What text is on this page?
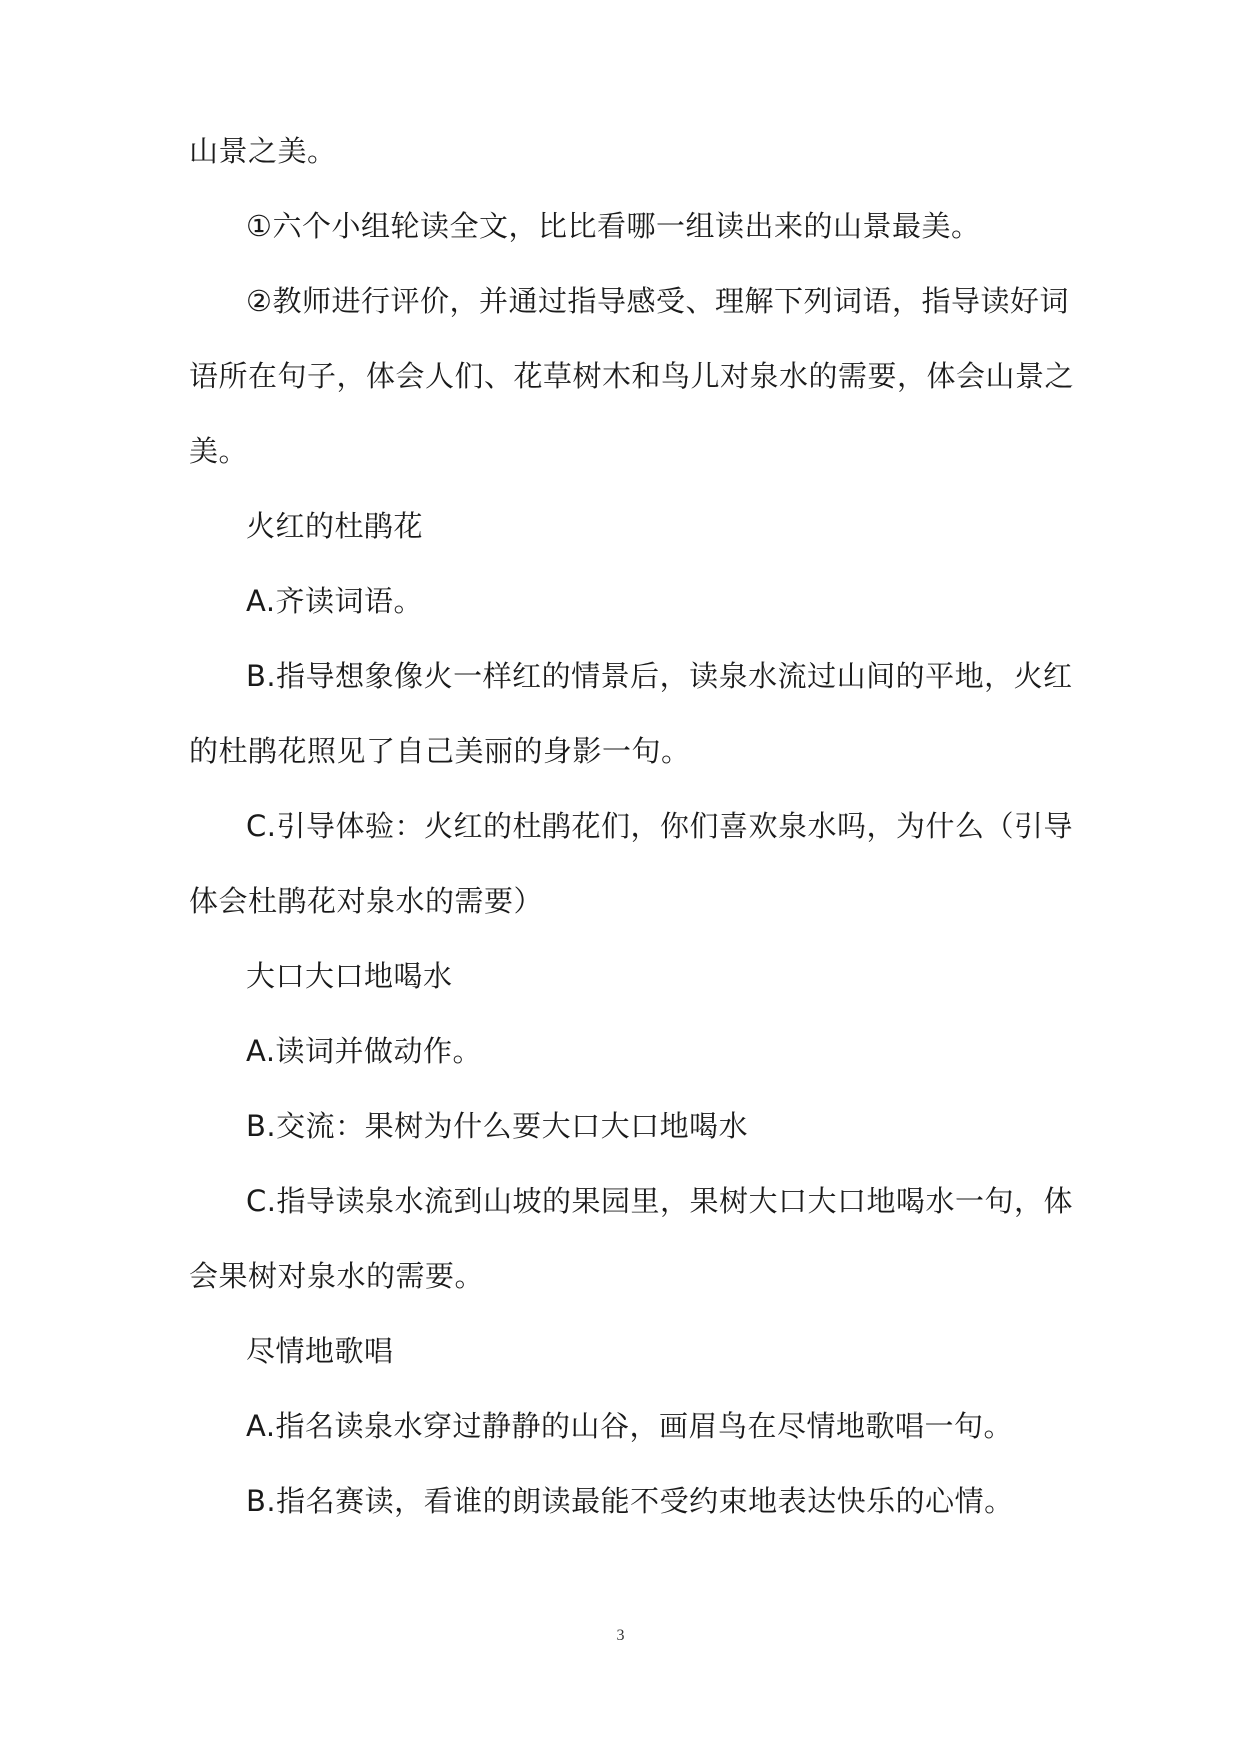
山景之美。
①六个小组轮读全文，比比看哪一组读出来的山景最美。
②教师进行评价，并通过指导感受、理解下列词语，指导读好词
语所在句子，体会人们、花草树木和鸟儿对泉水的需要，体会山景之
美。
火红的杜鹃花
A.齐读词语。
B.指导想象像火一样红的情景后，读泉水流过山间的平地，火红
的杜鹃花照见了自己美丽的身影一句。
C.引导体验：火红的杜鹃花们，你们喜欢泉水吗，为什么（引导
体会杜鹃花对泉水的需要）
大口大口地喝水
A.读词并做动作。
B.交流：果树为什么要大口大口地喝水
C.指导读泉水流到山坡的果园里，果树大口大口地喝水一句，体
会果树对泉水的需要。
尽情地歌唱
A.指名读泉水穿过静静的山谷，画眉鸟在尽情地歌唱一句。
B.指名赛读，看谁的朗读最能不受约束地表达快乐的心情。
3
